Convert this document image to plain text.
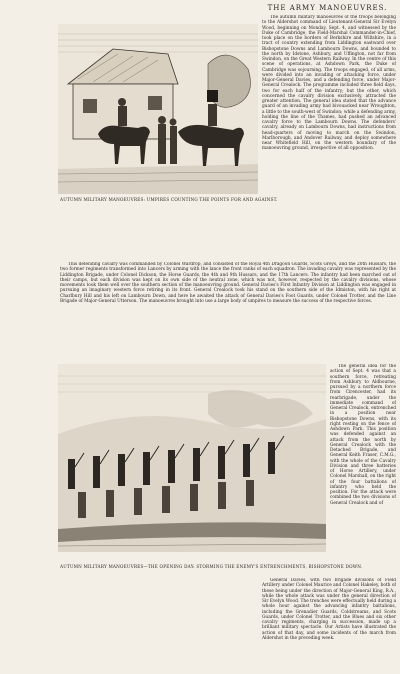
THE ARMY MANOEUVRES.
AUTUMN MILITARY MANOEUVRES: UMPIRES COUNTING THE POINTS FOR AND AGAINST.

The autumn military manoeuvres of the troops belonging to the Aldershot command of Lieutenant-General Sir Evelyn Wood, beginning on Monday, Sept. 4, and witnessed by the Duke of Cambridge, the Field-Marshal Commander-in-Chief, took place on the borders of Berkshire and Wiltshire, in a tract of country extending from Liddington eastward over Bishopstone Downs and Lambourn Downs, and bounded to the north by Idstone, Ashbury, and Uffington, not far from Swindon, on the Great Western Railway. In the centre of this scene of operations, at Ashdown Park, the Duke of Cambridge was sojourning. The troops engaged, of all arms, were divided into an invading or attacking force, under Major-General Davies, and a defending force, under Major-General Crealock. The programme included three field days, two for each half of the infantry; but the other, which concerned the cavalry division exclusively, attracted the greater attention. The general idea stated that the advance guard of an invading army had bivouacked near Wroughton, a little to the south-west of Swindon; while a defending army, holding the line of the Thames, had pushed an advanced cavalry force to the Lambourn Downs. The defenders' cavalry, already on Lambourn Downs, had instructions from head-quarters of moving to march on the Swindon, Marlborough, and Andover Railway, and deploy somewhere near Whitefield Hill, on the western boundary of the manoeuvring ground, irrespective of all opposition.

This defending cavalry was commanded by Colonel Wardrop, and consisted of the Royal 4th Dragoon Guards, Scots Greys, and the 20th Hussars, the two former regiments transformed into Lancers by arming with the lance the front ranks of each squadron. The invading cavalry was represented by the Liddington Brigade, under Colonel Dickson, the Horse Guards, the 4th and 9th Hussars, and the 17th Lancers. The infantry had been marched out of their camps, but each division was kept on its own side of the neutral zone, which was not, however, respected by the cavalry divisions, whose movements took them well over the southern section of the manoeuvring ground. General Davies's First Infantry Division at Liddington was engaged in pursuing an imaginary western force retiring in its front. General Crealock took his stand on the southern side of the Idmiston, with his right at Charlbury Hill and his left on Lambourn Down, and here he awaited the attack of General Davies's Foot Guards, under Colonel Trotter, and the Line Brigade of Major-General Utterson. The manoeuvres brought into use a large body of umpires to measure the success of the respective forces.

The general idea for the action of Sept. 4 was that a southern force, retreating from Ashbury to Aldbourne, pursued by a northern force from Cirencester, had its rearbrigade, under the immediate command of General Crealock, entrenched in a position near Bishopstone Downs, with its right resting on the fence of Ashdown Park. This position was defended against an attack from the north by General Crealock with the Detached Brigade, and General Keith Fraser, C.M.G., with the whole of the Cavalry Division and three batteries of Horse Artillery, under Colonel Marshall, on the right of the four battalions of infantry who held the position. For the attack were combined the two divisions of General Crealock and of

AUTUMN MILITARY MANOEUVRES—THE OPENING DAY: STORMING THE ENEMY'S ENTRENCHMENTS, BISHOPSTONE DOWN.

General Davies, with two brigade divisions of Field Artillery under Colonel Maurice and Colonel Hakeley, both of these being under the direction of Major-General King, R.A., while the whole attack was under the general direction of Sir Evelyn Wood. The trenches were effectually held during a whole hour against the advancing infantry battalions, including the Grenadier Guards, Coldstreams, and Scots Guards, under Colonel Trotter, and the Blues and six other cavalry regiments, charging in succession, made up a brilliant military spectacle. Our Artists have illustrated the action of that day, and some incidents of the march from Aldershot in the preceding week.
